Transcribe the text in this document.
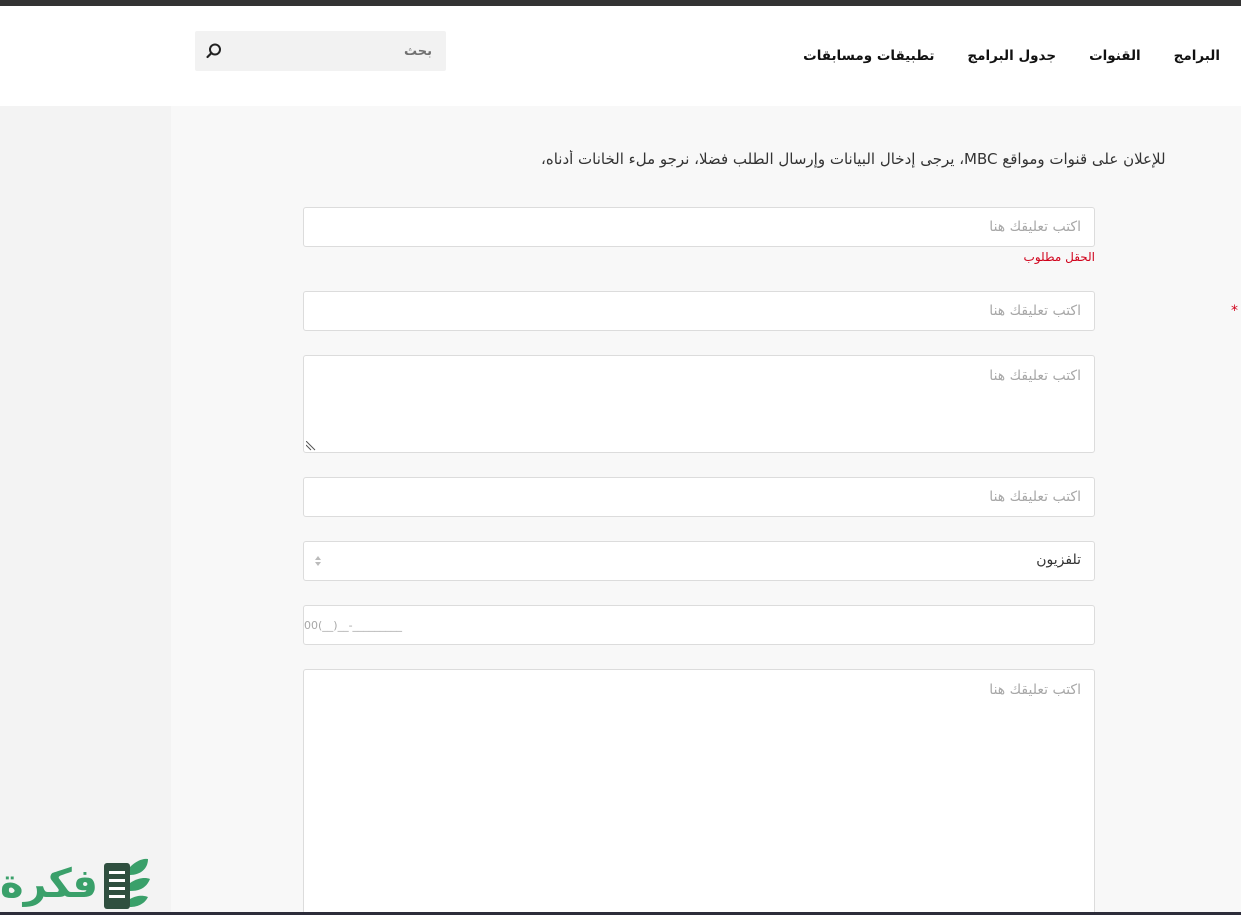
البرامج
القنوات
جدول البرامج
تطبيقات ومسابقات
بحث
للإعلان على قنوات ومواقع MBC، يرجى إدخال البيانات وإرسال الطلب فضلا، نرجو ملء الخانات أدناه،
اكتب تعليقك هنا
الحقل مطلوب
*
اكتب تعليقك هنا
اكتب تعليقك هنا
اكتب تعليقك هنا
تلفزيون
00(__)__-_________
اكتب تعليقك هنا
فكرة
